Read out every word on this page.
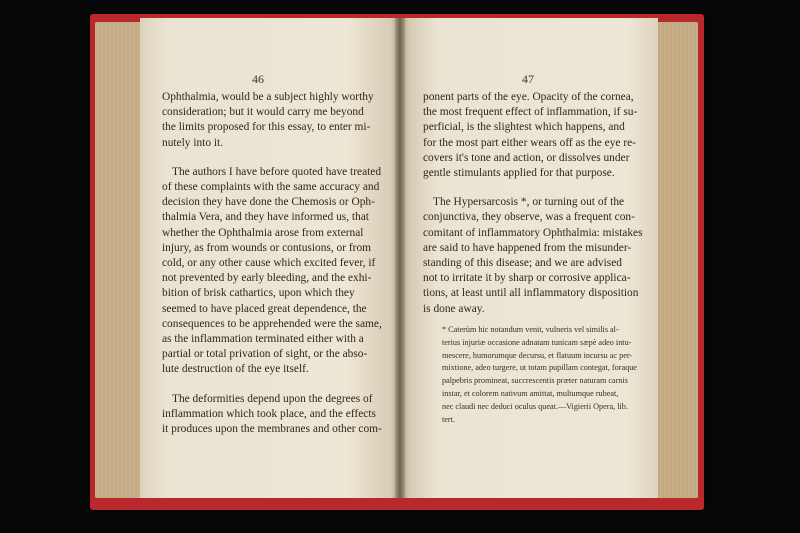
46
Ophthalmia, would be a subject highly worthy
consideration; but it would carry me beyond
the limits proposed for this essay, to enter mi-
nutely into it.
The authors I have before quoted have treated
of these complaints with the same accuracy and
decision they have done the Chemosis or Oph-
thalmia Vera, and they have informed us, that
whether the Ophthalmia arose from external
injury, as from wounds or contusions, or from
cold, or any other cause which excited fever, if
not prevented by early bleeding, and the exhi-
bition of brisk cathartics, upon which they
seemed to have placed great dependence, the
consequences to be apprehended were the same,
as the inflammation terminated either with a
partial or total privation of sight, or the abso-
lute destruction of the eye itself.
The deformities depend upon the degrees of
inflammation which took place, and the effects
it produces upon the membranes and other com-
47
ponent parts of the eye. Opacity of the cornea,
the most frequent effect of inflammation, if su-
perficial, is the slightest which happens, and
for the most part either wears off as the eye re-
covers it's tone and action, or dissolves under
gentle stimulants applied for that purpose.
The Hypersarcosis *, or turning out of the
conjunctiva, they observe, was a frequent con-
comitant of inflammatory Ophthalmia: mistakes
are said to have happened from the misunder-
standing of this disease; and we are advised
not to irritate it by sharp or corrosive applica-
tions, at least until all inflammatory disposition
is done away.
* Caterùm hic notandum venit, vulneris vel similis al-
terius injuriæ occasione adnatam tunicam sæpè adeo intu-
mescere, humorumque decursu, et flatuum incursu ac per-
mixtione, adeo turgere, ut totam pupillam contegat, foraque
palpebris promineat, succrescentis præter naturam carnis
instar, et colorem nativum amittat, multumque rubeat,
nec claudi nec deduci oculus queat.—Vigierii Opera, lib.
tert.
